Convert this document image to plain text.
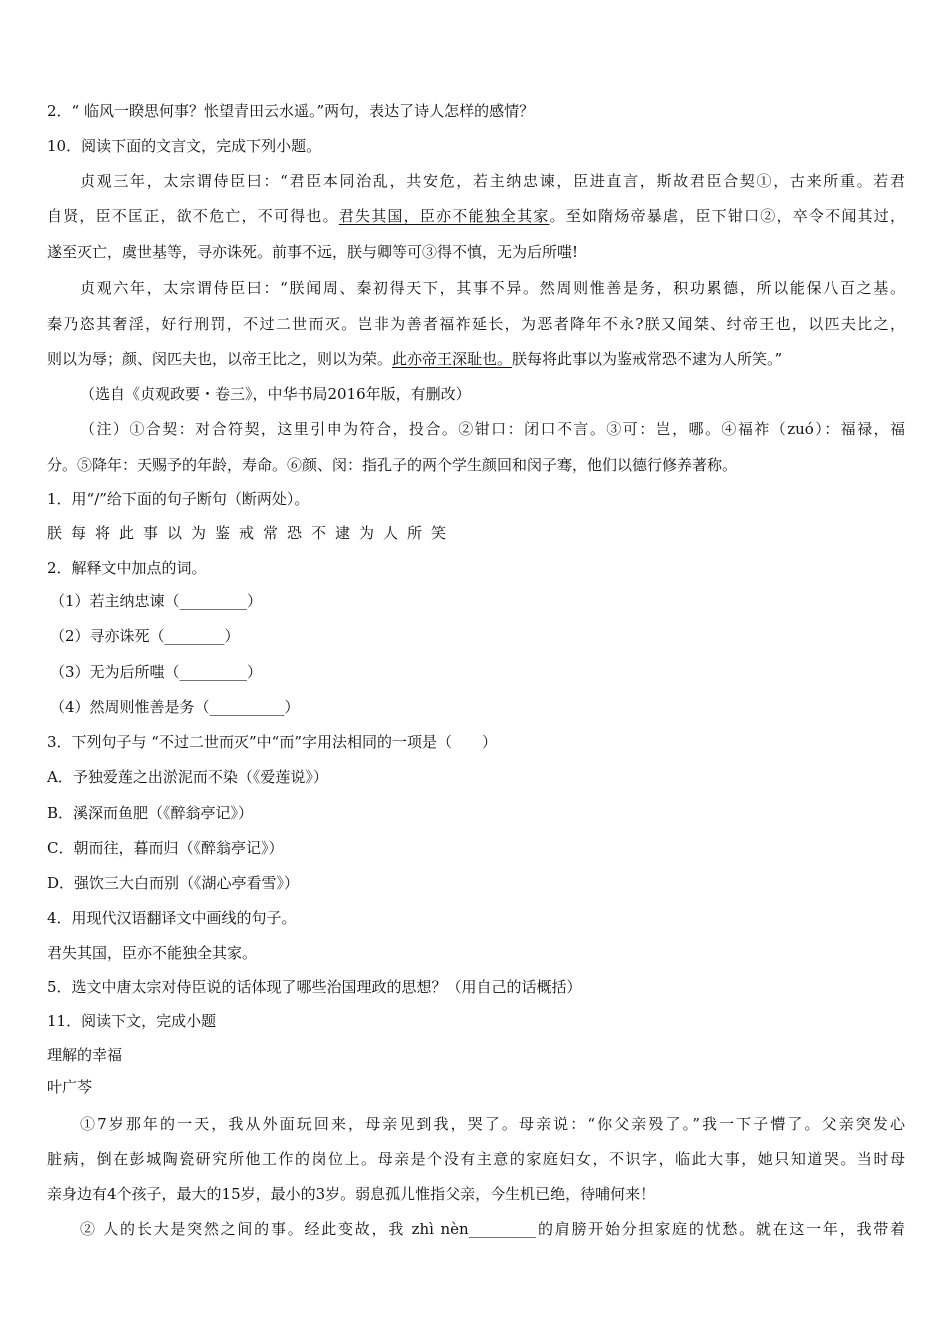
2．“ 临风一睽思何事？怅望青田云水遥。”两句，表达了诗人怎样的感情？
10．阅读下面的文言文，完成下列小题。
贞观三年，太宗谓侍臣曰：“君臣本同治乱，共安危，若主纳忠谏，臣进直言，斯故君臣合契①，古来所重。若君
自贤，臣不匡正，欲不危亡，不可得也。君失其国，臣亦不能独全其家。至如隋炀帝暴虐，臣下钳口②，卒令不闻其过，
遂至灭亡，虞世基等，寻亦诛死。前事不远，朕与卿等可③得不慎，无为后所嗤!
贞观六年，太宗谓侍臣曰：“朕闻周、秦初得天下，其事不异。然周则惟善是务，积功累德，所以能保八百之基。
秦乃恣其奢淫，好行刑罚，不过二世而灭。岂非为善者福祚延长，为恶者降年不永?朕又闻桀、纣帝王也，以匹夫比之，
则以为辱；颜、闵匹夫也，以帝王比之，则以为荣。此亦帝王深耻也。朕每将此事以为鉴戒常恐不逮为人所笑。”
（选自《贞观政要・卷三》，中华书局2016年版，有删改）
（注）①合契：对合符契，这里引申为符合，投合。②钳口：闭口不言。③可：岂，哪。④福祚（zuó）：福禄，福
分。⑤降年：天赐予的年龄，寿命。⑥颜、闵：指孔子的两个学生颜回和闵子骞，他们以德行修养著称。
1．用“/”给下面的句子断句（断两处）。
朕每将此事以为鉴戒常恐不逮为人所笑
2．解释文中加点的词。
（1）若主纳忠谏（_________）
（2）寻亦诛死（________）
（3）无为后所嗤（_________）
（4）然周则惟善是务（__________）
3．下列句子与 “不过二世而灭”中“而”字用法相同的一项是（　　）
A．予独爱莲之出淤泥而不染（《爱莲说》）
B．溪深而鱼肥（《醉翁亭记》）
C．朝而往，暮而归（《醉翁亭记》）
D．强饮三大白而别（《湖心亭看雪》）
4．用现代汉语翻译文中画线的句子。
君失其国，臣亦不能独全其家。
5．选文中唐太宗对侍臣说的话体现了哪些治国理政的思想？（用自己的话概括）
11．阅读下文，完成小题
理解的幸福
叶广芩
①7岁那年的一天，我从外面玩回来，母亲见到我，哭了。母亲说：“你父亲殁了。”我一下子懵了。父亲突发心
脏病，倒在彭城陶瓷研究所他工作的岗位上。母亲是个没有主意的家庭妇女，不识字，临此大事，她只知道哭。当时母
亲身边有4个孩子，最大的15岁，最小的3岁。弱息孤儿惟指父亲，今生机已绝，待哺何来！
② 人的长大是突然之间的事。经此变故，我 zhì nèn_________的肩膀开始分担家庭的忧愁。就在这一年，我带着
